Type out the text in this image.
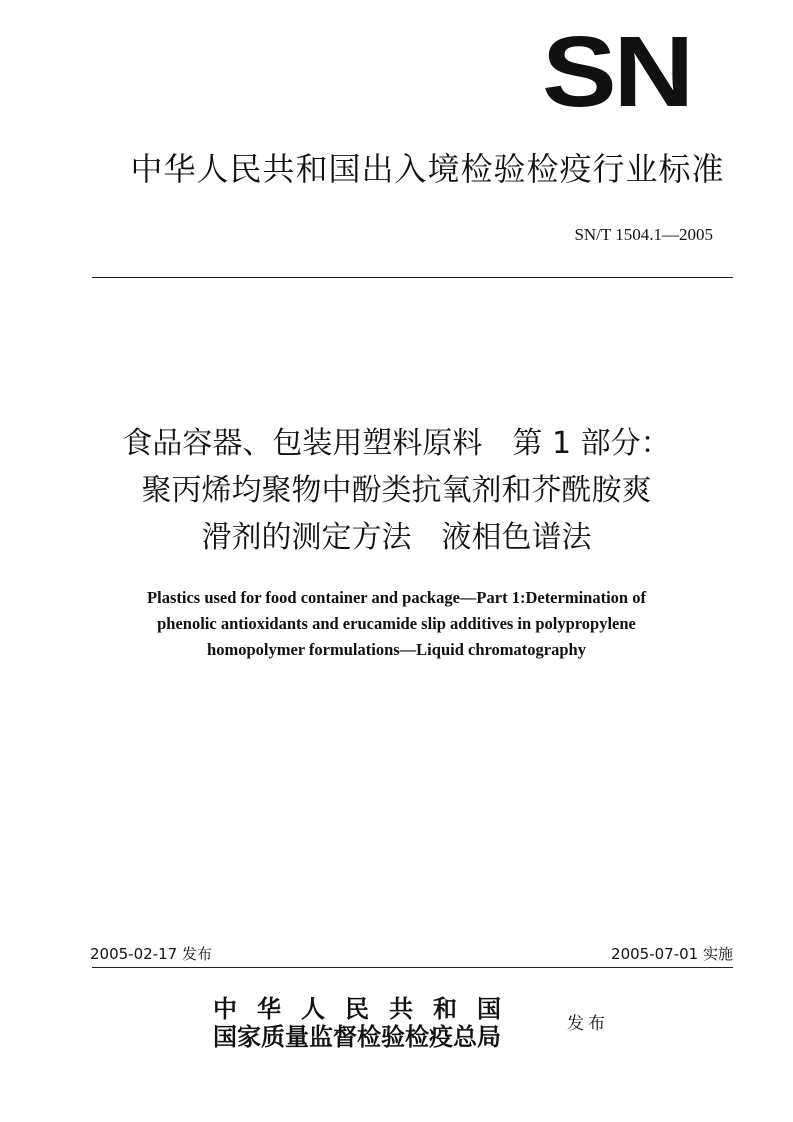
SN
中华人民共和国出入境检验检疫行业标准
SN/T 1504.1—2005
食品容器、包装用塑料原料　第 1 部分：
聚丙烯均聚物中酚类抗氧剂和芥酰胺爽
滑剂的测定方法　液相色谱法
Plastics used for food container and package—Part 1:Determination of
phenolic antioxidants and erucamide slip additives in polypropylene
homopolymer formulations—Liquid chromatography
2005-02-17 发布	2005-07-01 实施
中华人民共和国
国家质量监督检验检疫总局	发布
